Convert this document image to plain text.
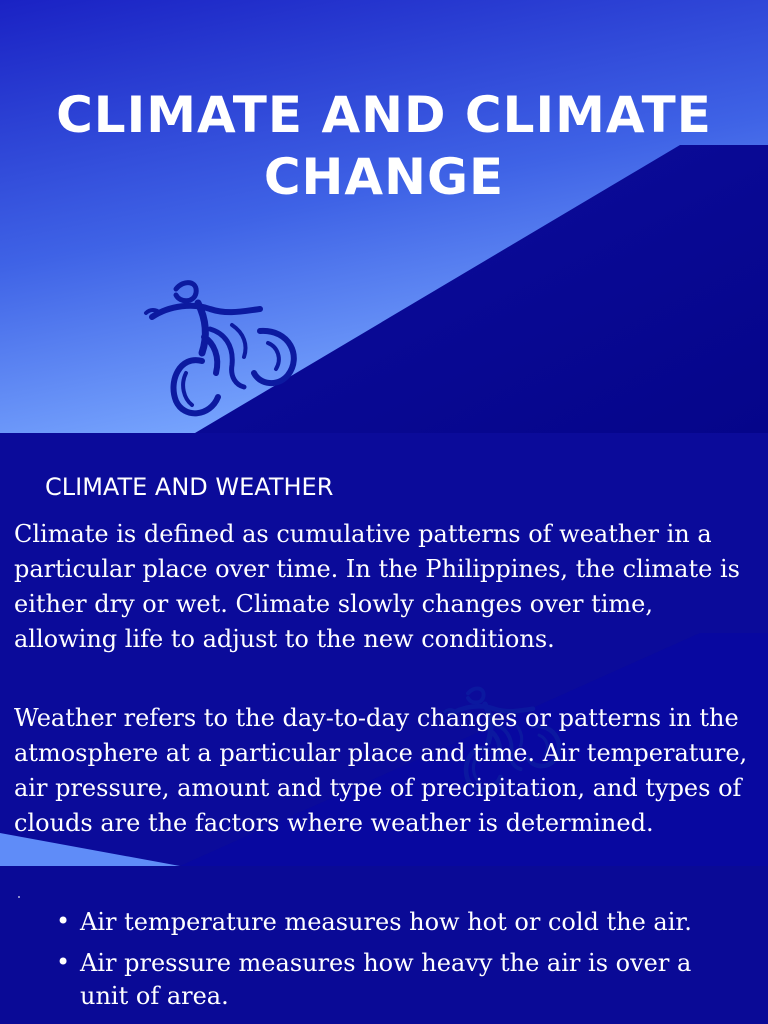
CLIMATE AND CLIMATE CHANGE
CLIMATE AND WEATHER

Climate is defined as cumulative patterns of weather in a particular place over time. In the Philippines, the climate is either dry or wet. Climate slowly changes over time, allowing life to adjust to the new conditions.

Weather refers to the day-to-day changes or patterns in the atmosphere at a particular place and time. Air temperature, air pressure, amount and type of precipitation, and types of clouds are the factors where weather is determined.

• Air temperature measures how hot or cold the air.
• Air pressure measures how heavy the air is over a unit of area.
